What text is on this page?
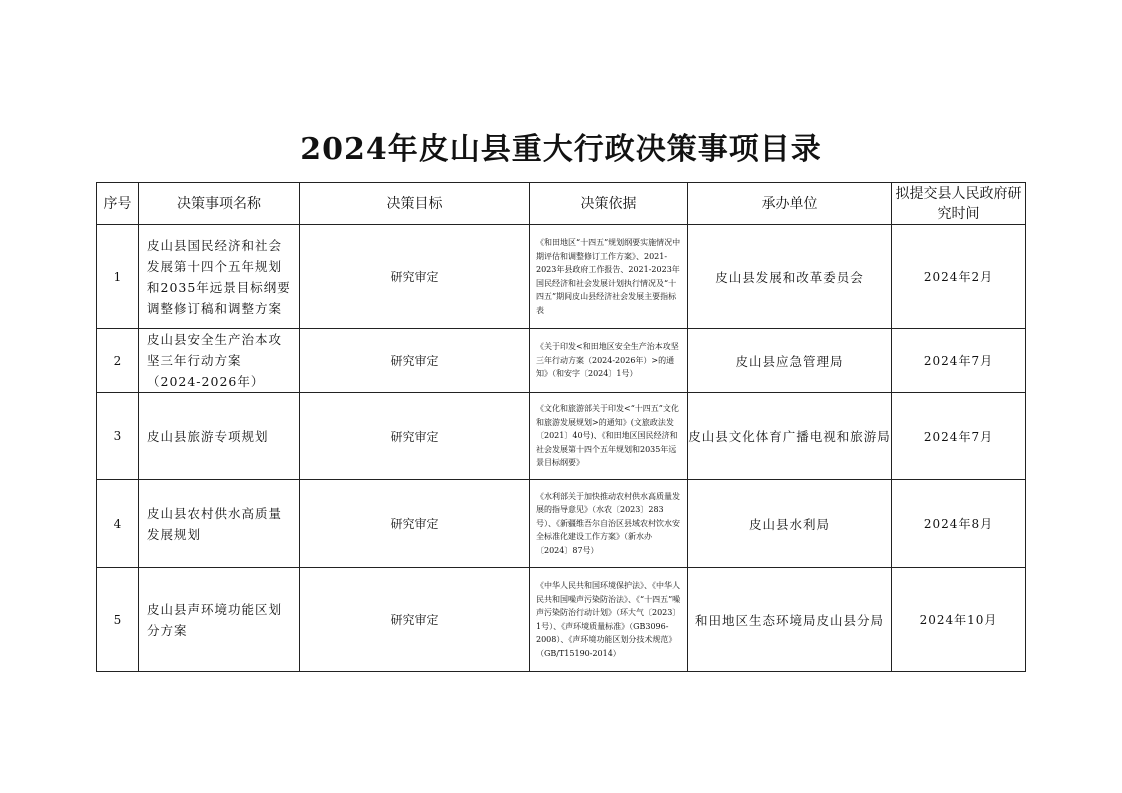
2024年皮山县重大行政决策事项目录
序号	决策事项名称	决策目标	决策依据	承办单位	拟提交县人民政府研究时间
1	皮山县国民经济和社会发展第十四个五年规划和2035年远景目标纲要调整修订稿和调整方案	研究审定	《和田地区“十四五”规划纲要实施情况中期评估和调整修订工作方案》、2021-2023年县政府工作报告、2021-2023年国民经济和社会发展计划执行情况及“十四五”期间皮山县经济社会发展主要指标表	皮山县发展和改革委员会	2024年2月
2	皮山县安全生产治本攻坚三年行动方案（2024-2026年）	研究审定	《关于印发<和田地区安全生产治本攻坚三年行动方案（2024-2026年）>的通知》（和安字〔2024〕1号）	皮山县应急管理局	2024年7月
3	皮山县旅游专项规划	研究审定	《文化和旅游部关于印发<“十四五”文化和旅游发展规划>的通知》(文旅政法发〔2021〕40号)、《和田地区国民经济和社会发展第十四个五年规划和2035年远景目标纲要》	皮山县文化体育广播电视和旅游局	2024年7月
4	皮山县农村供水高质量发展规划	研究审定	《水利部关于加快推动农村供水高质量发展的指导意见》（水农〔2023〕283号）、《新疆维吾尔自治区县域农村饮水安全标准化建设工作方案》（新水办〔2024〕87号）	皮山县水利局	2024年8月
5	皮山县声环境功能区划分方案	研究审定	《中华人民共和国环境保护法》、《中华人民共和国噪声污染防治法》、《“十四五”噪声污染防治行动计划》（环大气〔2023〕1号）、《声环境质量标准》（GB3096-2008）、《声环境功能区划分技术规范》（GB/T15190-2014）	和田地区生态环境局皮山县分局	2024年10月
